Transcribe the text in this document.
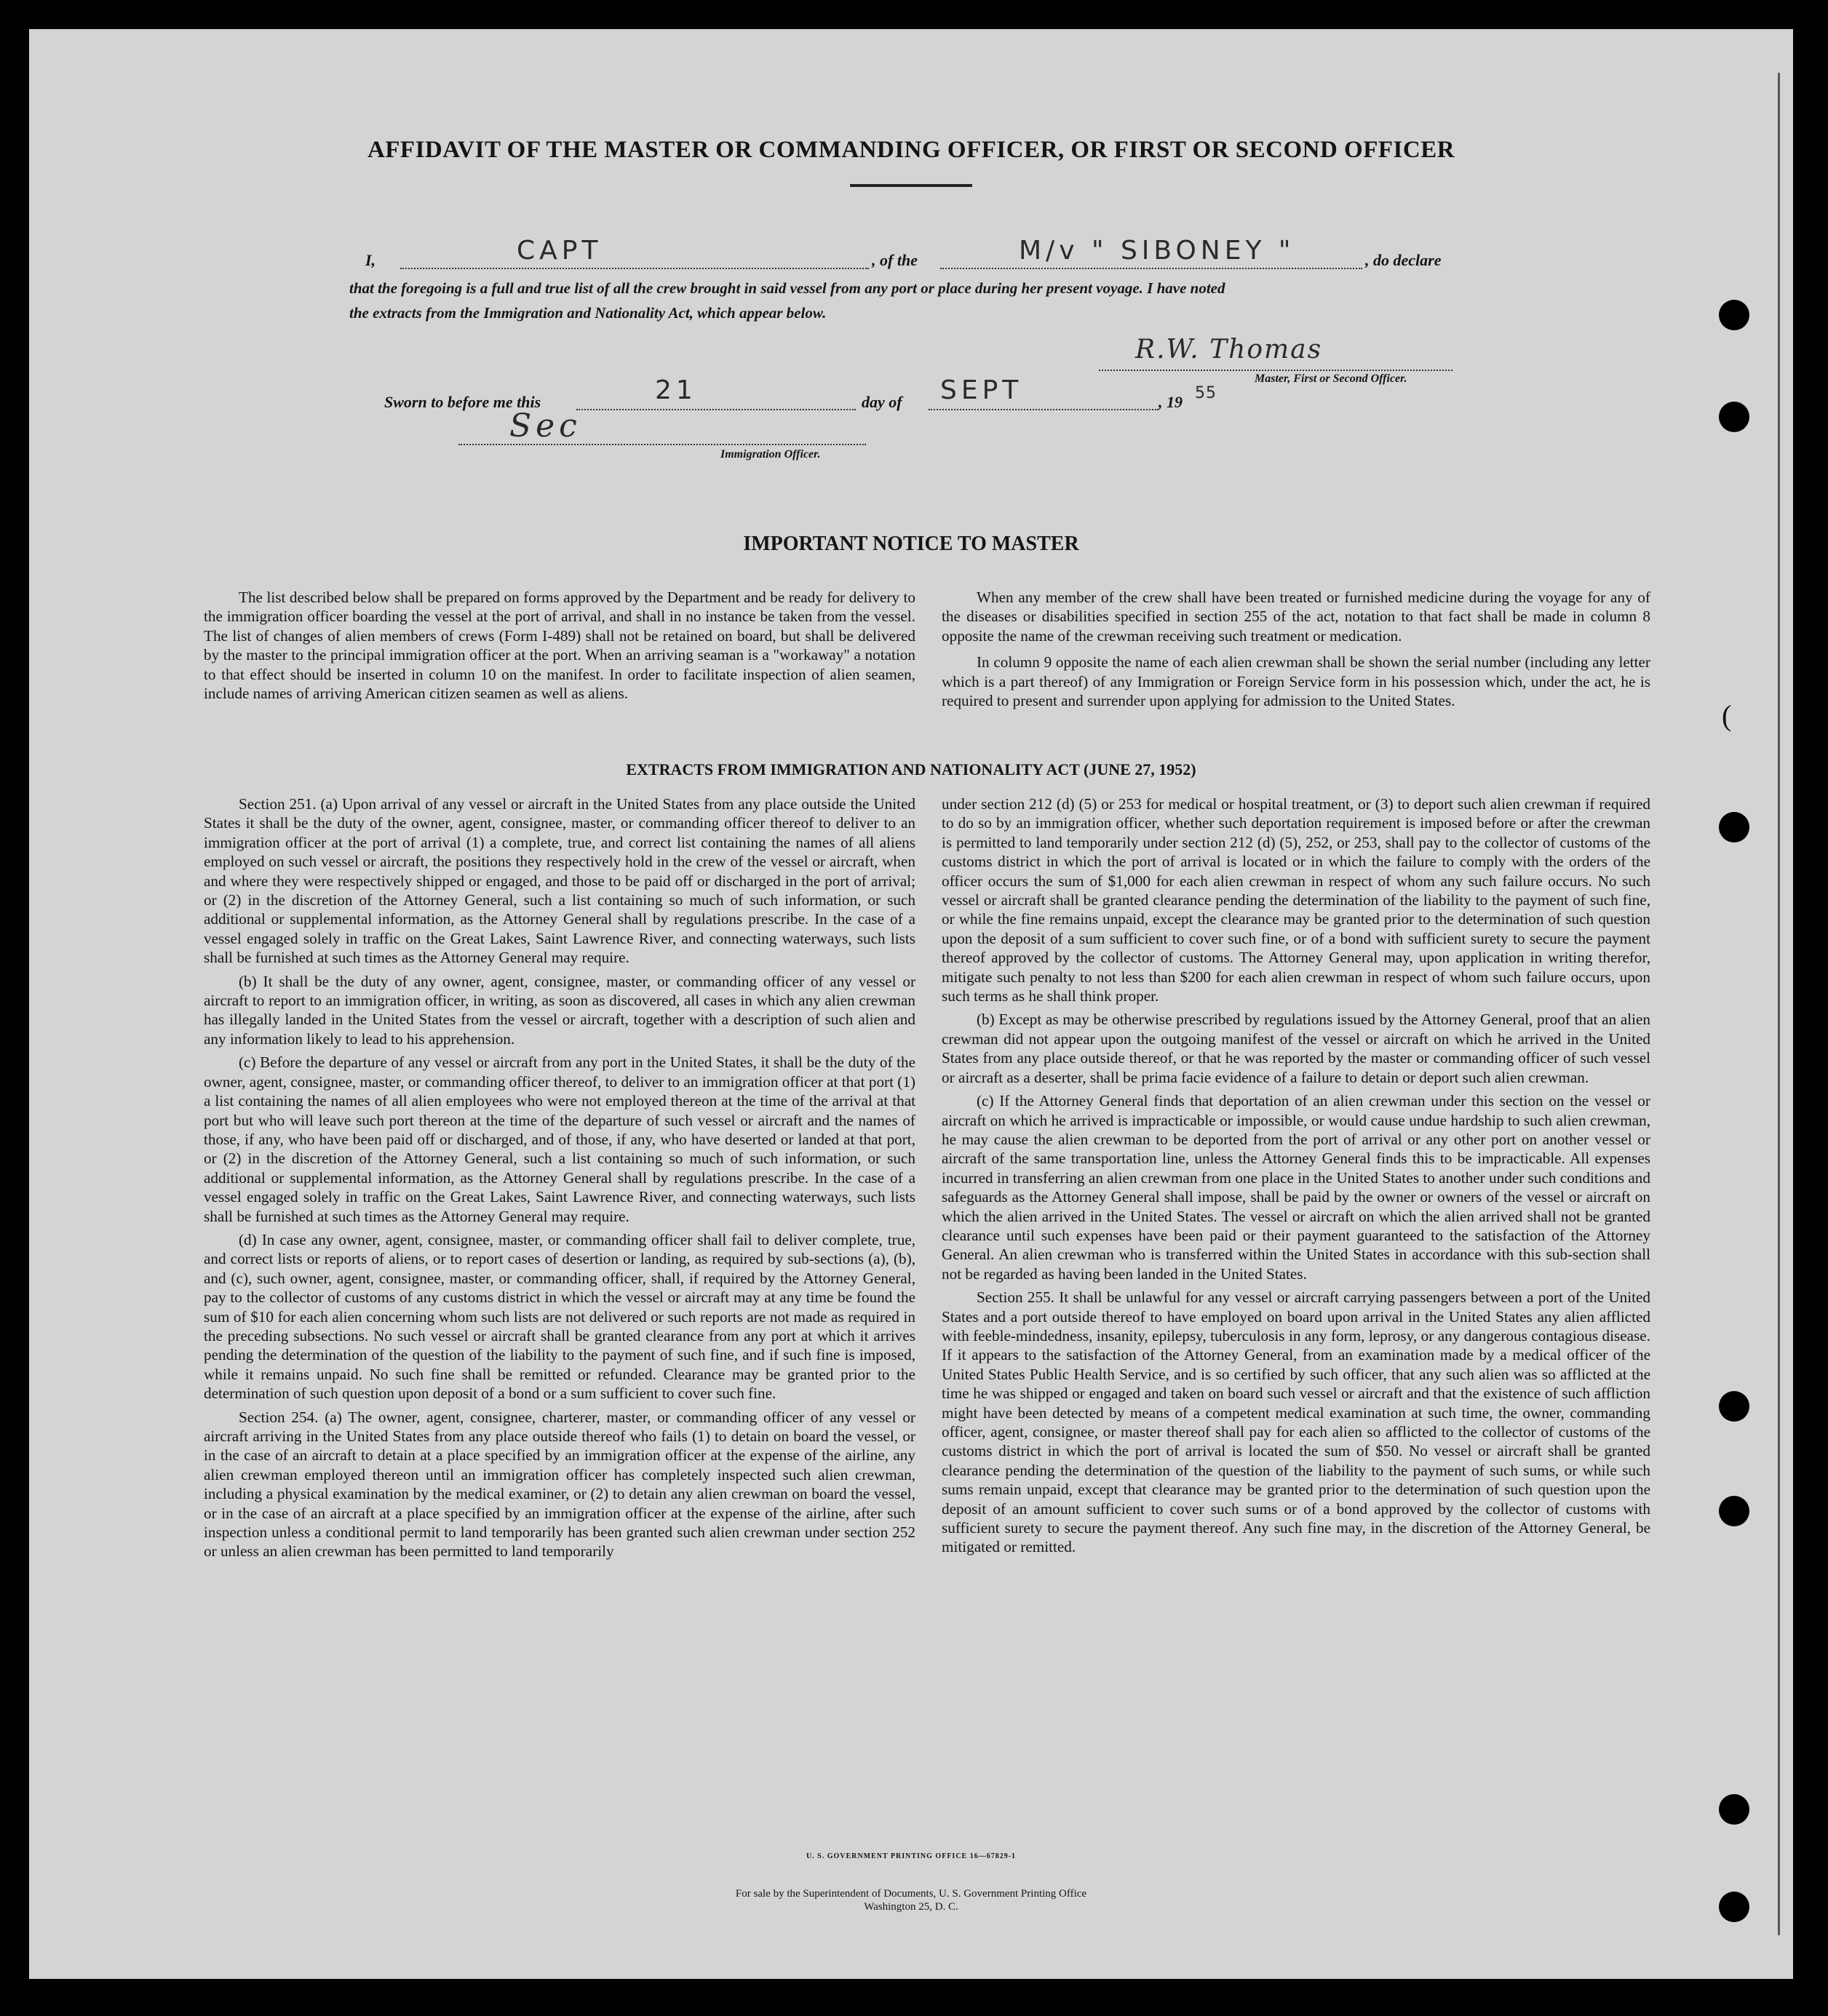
AFFIDAVIT OF THE MASTER OR COMMANDING OFFICER, OR FIRST OR SECOND OFFICER
I,	CAPT	, of the	M/v " SIBONEY "	, do declare
that the foregoing is a full and true list of all the crew brought in said vessel from any port or place during her present voyage. I have noted
the extracts from the Immigration and Nationality Act, which appear below.
R.W. Thomas
Master, First or Second Officer.
Sworn to before me this	21	day of SEPT	, 19 55
Sec
Immigration Officer.
IMPORTANT NOTICE TO MASTER

The list described below shall be prepared on forms approved by the Department and be ready for delivery to the immigration officer boarding the vessel at the port of arrival, and shall in no instance be taken from the vessel. The list of changes of alien members of crews (Form I-489) shall not be retained on board, but shall be delivered by the master to the principal immigration officer at the port. When an arriving seaman is a "workaway" a notation to that effect should be inserted in column 10 on the manifest. In order to facilitate inspection of alien seamen, include names of arriving American citizen seamen as well as aliens.

When any member of the crew shall have been treated or furnished medicine during the voyage for any of the diseases or disabilities specified in section 255 of the act, notation to that fact shall be made in column 8 opposite the name of the crewman receiving such treatment or medication.

In column 9 opposite the name of each alien crewman shall be shown the serial number (including any letter which is a part thereof) of any Immigration or Foreign Service form in his possession which, under the act, he is required to present and surrender upon applying for admission to the United States.

EXTRACTS FROM IMMIGRATION AND NATIONALITY ACT (JUNE 27, 1952)

Section 251. (a) Upon arrival of any vessel or aircraft in the United States from any place outside the United States it shall be the duty of the owner, agent, consignee, master, or commanding officer thereof to deliver to an immigration officer at the port of arrival (1) a complete, true, and correct list containing the names of all aliens employed on such vessel or aircraft, the positions they respectively hold in the crew of the vessel or aircraft, when and where they were respectively shipped or engaged, and those to be paid off or discharged in the port of arrival; or (2) in the discretion of the Attorney General, such a list containing so much of such information, or such additional or supplemental information, as the Attorney General shall by regulations prescribe. In the case of a vessel engaged solely in traffic on the Great Lakes, Saint Lawrence River, and connecting waterways, such lists shall be furnished at such times as the Attorney General may require.

(b) It shall be the duty of any owner, agent, consignee, master, or commanding officer of any vessel or aircraft to report to an immigration officer, in writing, as soon as discovered, all cases in which any alien crewman has illegally landed in the United States from the vessel or aircraft, together with a description of such alien and any information likely to lead to his apprehension.

(c) Before the departure of any vessel or aircraft from any port in the United States, it shall be the duty of the owner, agent, consignee, master, or commanding officer thereof, to deliver to an immigration officer at that port (1) a list containing the names of all alien employees who were not employed thereon at the time of the arrival at that port but who will leave such port thereon at the time of the departure of such vessel or aircraft and the names of those, if any, who have been paid off or discharged, and of those, if any, who have deserted or landed at that port, or (2) in the discretion of the Attorney General, such a list containing so much of such information, or such additional or supplemental information, as the Attorney General shall by regulations prescribe. In the case of a vessel engaged solely in traffic on the Great Lakes, Saint Lawrence River, and connecting waterways, such lists shall be furnished at such times as the Attorney General may require.

(d) In case any owner, agent, consignee, master, or commanding officer shall fail to deliver complete, true, and correct lists or reports of aliens, or to report cases of desertion or landing, as required by sub-sections (a), (b), and (c), such owner, agent, consignee, master, or commanding officer, shall, if required by the Attorney General, pay to the collector of customs of any customs district in which the vessel or aircraft may at any time be found the sum of $10 for each alien concerning whom such lists are not delivered or such reports are not made as required in the preceding subsections. No such vessel or aircraft shall be granted clearance from any port at which it arrives pending the determination of the question of the liability to the payment of such fine, and if such fine is imposed, while it remains unpaid. No such fine shall be remitted or refunded. Clearance may be granted prior to the determination of such question upon deposit of a bond or a sum sufficient to cover such fine.

Section 254. (a) The owner, agent, consignee, charterer, master, or commanding officer of any vessel or aircraft arriving in the United States from any place outside thereof who fails (1) to detain on board the vessel, or in the case of an aircraft to detain at a place specified by an immigration officer at the expense of the airline, any alien crewman employed thereon until an immigration officer has completely inspected such alien crewman, including a physical examination by the medical examiner, or (2) to detain any alien crewman on board the vessel, or in the case of an aircraft at a place specified by an immigration officer at the expense of the airline, after such inspection unless a conditional permit to land temporarily has been granted such alien crewman under section 252 or unless an alien crewman has been permitted to land temporarily

under section 212 (d) (5) or 253 for medical or hospital treatment, or (3) to deport such alien crewman if required to do so by an immigration officer, whether such deportation requirement is imposed before or after the crewman is permitted to land temporarily under section 212 (d) (5), 252, or 253, shall pay to the collector of customs of the customs district in which the port of arrival is located or in which the failure to comply with the orders of the officer occurs the sum of $1,000 for each alien crewman in respect of whom any such failure occurs. No such vessel or aircraft shall be granted clearance pending the determination of the liability to the payment of such fine, or while the fine remains unpaid, except the clearance may be granted prior to the determination of such question upon the deposit of a sum sufficient to cover such fine, or of a bond with sufficient surety to secure the payment thereof approved by the collector of customs. The Attorney General may, upon application in writing therefor, mitigate such penalty to not less than $200 for each alien crewman in respect of whom such failure occurs, upon such terms as he shall think proper.

(b) Except as may be otherwise prescribed by regulations issued by the Attorney General, proof that an alien crewman did not appear upon the outgoing manifest of the vessel or aircraft on which he arrived in the United States from any place outside thereof, or that he was reported by the master or commanding officer of such vessel or aircraft as a deserter, shall be prima facie evidence of a failure to detain or deport such alien crewman.

(c) If the Attorney General finds that deportation of an alien crewman under this section on the vessel or aircraft on which he arrived is impracticable or impossible, or would cause undue hardship to such alien crewman, he may cause the alien crewman to be deported from the port of arrival or any other port on another vessel or aircraft of the same transportation line, unless the Attorney General finds this to be impracticable. All expenses incurred in transferring an alien crewman from one place in the United States to another under such conditions and safeguards as the Attorney General shall impose, shall be paid by the owner or owners of the vessel or aircraft on which the alien arrived in the United States. The vessel or aircraft on which the alien arrived shall not be granted clearance until such expenses have been paid or their payment guaranteed to the satisfaction of the Attorney General. An alien crewman who is transferred within the United States in accordance with this sub-section shall not be regarded as having been landed in the United States.

Section 255. It shall be unlawful for any vessel or aircraft carrying passengers between a port of the United States and a port outside thereof to have employed on board upon arrival in the United States any alien afflicted with feeble-mindedness, insanity, epilepsy, tuberculosis in any form, leprosy, or any dangerous contagious disease. If it appears to the satisfaction of the Attorney General, from an examination made by a medical officer of the United States Public Health Service, and is so certified by such officer, that any such alien was so afflicted at the time he was shipped or engaged and taken on board such vessel or aircraft and that the existence of such affliction might have been detected by means of a competent medical examination at such time, the owner, commanding officer, agent, consignee, or master thereof shall pay for each alien so afflicted to the collector of customs of the customs district in which the port of arrival is located the sum of $50. No vessel or aircraft shall be granted clearance pending the determination of the question of the liability to the payment of such sums, or while such sums remain unpaid, except that clearance may be granted prior to the determination of such question upon the deposit of an amount sufficient to cover such sums or of a bond approved by the collector of customs with sufficient surety to secure the payment thereof. Any such fine may, in the discretion of the Attorney General, be mitigated or remitted.

U. S. GOVERNMENT PRINTING OFFICE 16—67829-1
For sale by the Superintendent of Documents, U. S. Government Printing Office
Washington 25, D. C.
(
